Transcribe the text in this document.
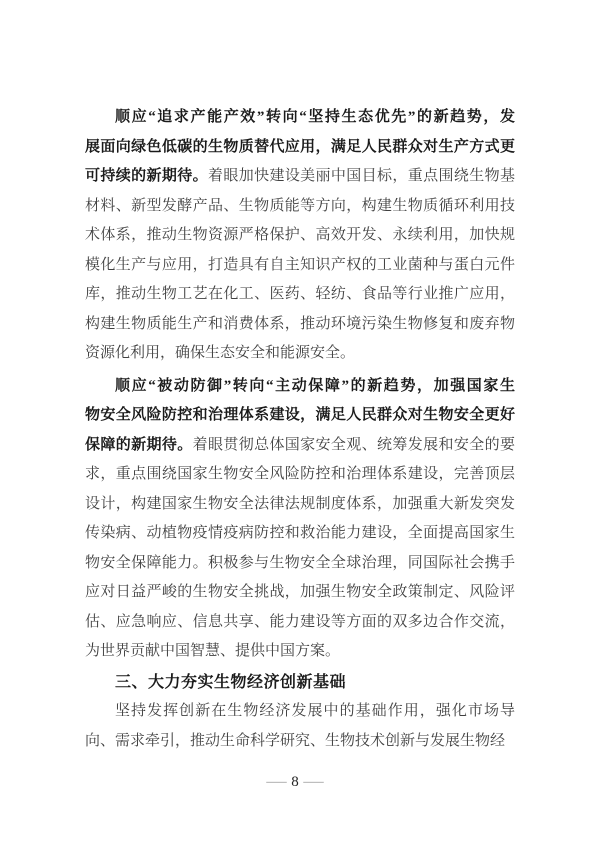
顺应“追求产能产效”转向“坚持生态优先”的新趋势，发
展面向绿色低碳的生物质替代应用，满足人民群众对生产方式更
可持续的新期待。着眼加快建设美丽中国目标，重点围绕生物基
材料、新型发酵产品、生物质能等方向，构建生物质循环利用技
术体系，推动生物资源严格保护、高效开发、永续利用，加快规
模化生产与应用，打造具有自主知识产权的工业菌种与蛋白元件
库，推动生物工艺在化工、医药、轻纺、食品等行业推广应用，
构建生物质能生产和消费体系，推动环境污染生物修复和废弃物
资源化利用，确保生态安全和能源安全。
顺应“被动防御”转向“主动保障”的新趋势，加强国家生
物安全风险防控和治理体系建设，满足人民群众对生物安全更好
保障的新期待。着眼贯彻总体国家安全观、统筹发展和安全的要
求，重点围绕国家生物安全风险防控和治理体系建设，完善顶层
设计，构建国家生物安全法律法规制度体系，加强重大新发突发
传染病、动植物疫情疫病防控和救治能力建设，全面提高国家生
物安全保障能力。积极参与生物安全全球治理，同国际社会携手
应对日益严峻的生物安全挑战，加强生物安全政策制定、风险评
估、应急响应、信息共享、能力建设等方面的双多边合作交流，
为世界贡献中国智慧、提供中国方案。
三、大力夯实生物经济创新基础
坚持发挥创新在生物经济发展中的基础作用，强化市场导
向、需求牵引，推动生命科学研究、生物技术创新与发展生物经
— 8 —
